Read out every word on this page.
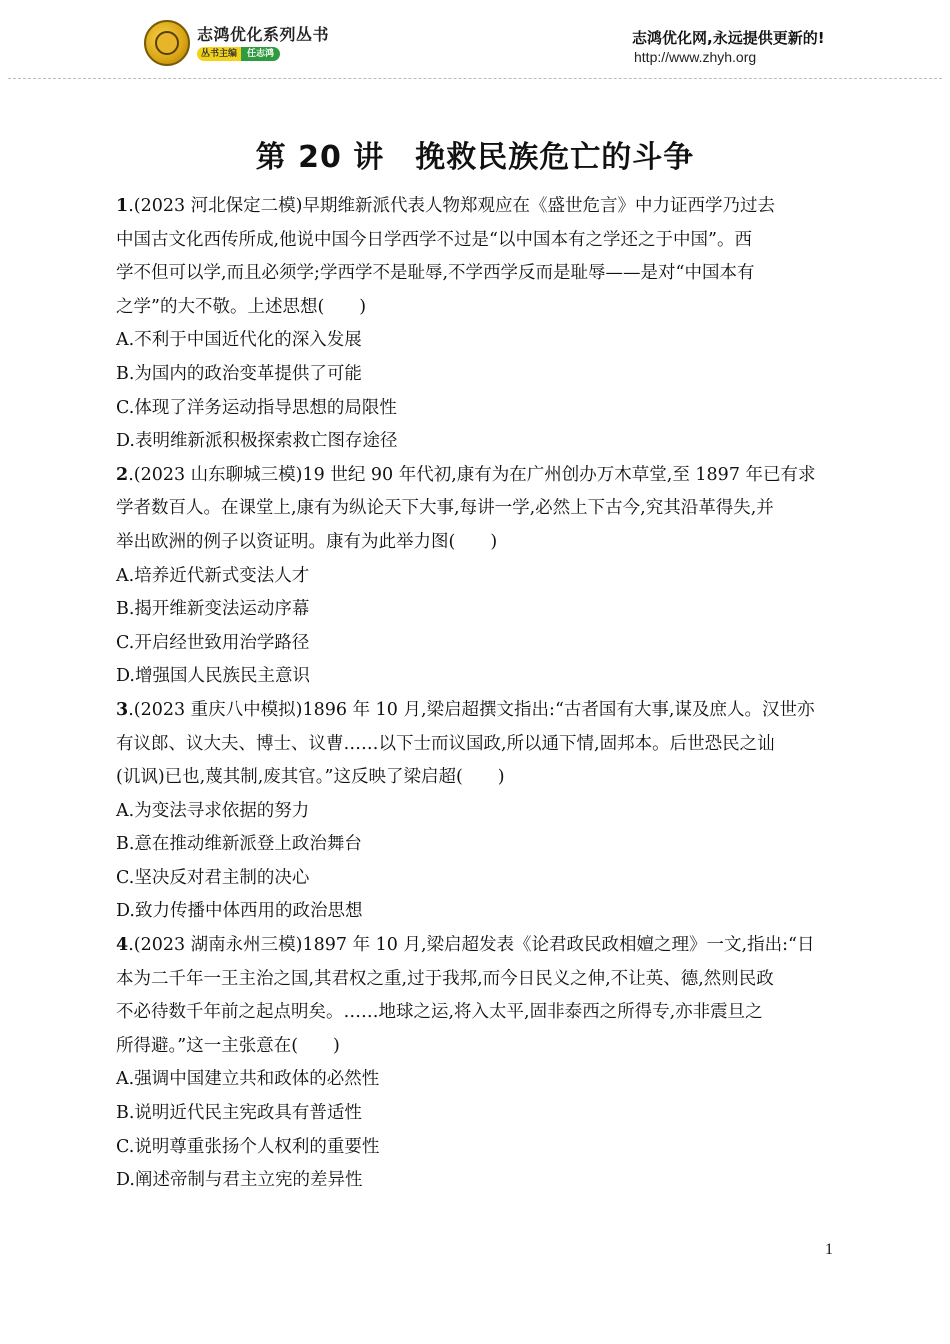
志鸿优化系列丛书
丛书主编	任志鸿
志鸿优化网,永远提供更新的!
http://www.zhyh.org
第 20 讲　挽救民族危亡的斗争
1.(2023 河北保定二模)早期维新派代表人物郑观应在《盛世危言》中力证西学乃过去
中国古文化西传所成,他说中国今日学西学不过是“以中国本有之学还之于中国”。西
学不但可以学,而且必须学;学西学不是耻辱,不学西学反而是耻辱——是对“中国本有
之学”的大不敬。上述思想(　　)
A.不利于中国近代化的深入发展
B.为国内的政治变革提供了可能
C.体现了洋务运动指导思想的局限性
D.表明维新派积极探索救亡图存途径
2.(2023 山东聊城三模)19 世纪 90 年代初,康有为在广州创办万木草堂,至 1897 年已有求
学者数百人。在课堂上,康有为纵论天下大事,每讲一学,必然上下古今,究其沿革得失,并
举出欧洲的例子以资证明。康有为此举力图(　　)
A.培养近代新式变法人才
B.揭开维新变法运动序幕
C.开启经世致用治学路径
D.增强国人民族民主意识
3.(2023 重庆八中模拟)1896 年 10 月,梁启超撰文指出:“古者国有大事,谋及庶人。汉世亦
有议郎、议大夫、博士、议曹……以下士而议国政,所以通下情,固邦本。后世恐民之讪
(讥讽)已也,蔑其制,废其官。”这反映了梁启超(　　)
A.为变法寻求依据的努力
B.意在推动维新派登上政治舞台
C.坚决反对君主制的决心
D.致力传播中体西用的政治思想
4.(2023 湖南永州三模)1897 年 10 月,梁启超发表《论君政民政相嬗之理》一文,指出:“日
本为二千年一王主治之国,其君权之重,过于我邦,而今日民义之伸,不让英、德,然则民政
不必待数千年前之起点明矣。……地球之运,将入太平,固非泰西之所得专,亦非震旦之
所得避。”这一主张意在(　　)
A.强调中国建立共和政体的必然性
B.说明近代民主宪政具有普适性
C.说明尊重张扬个人权利的重要性
D.阐述帝制与君主立宪的差异性
1
